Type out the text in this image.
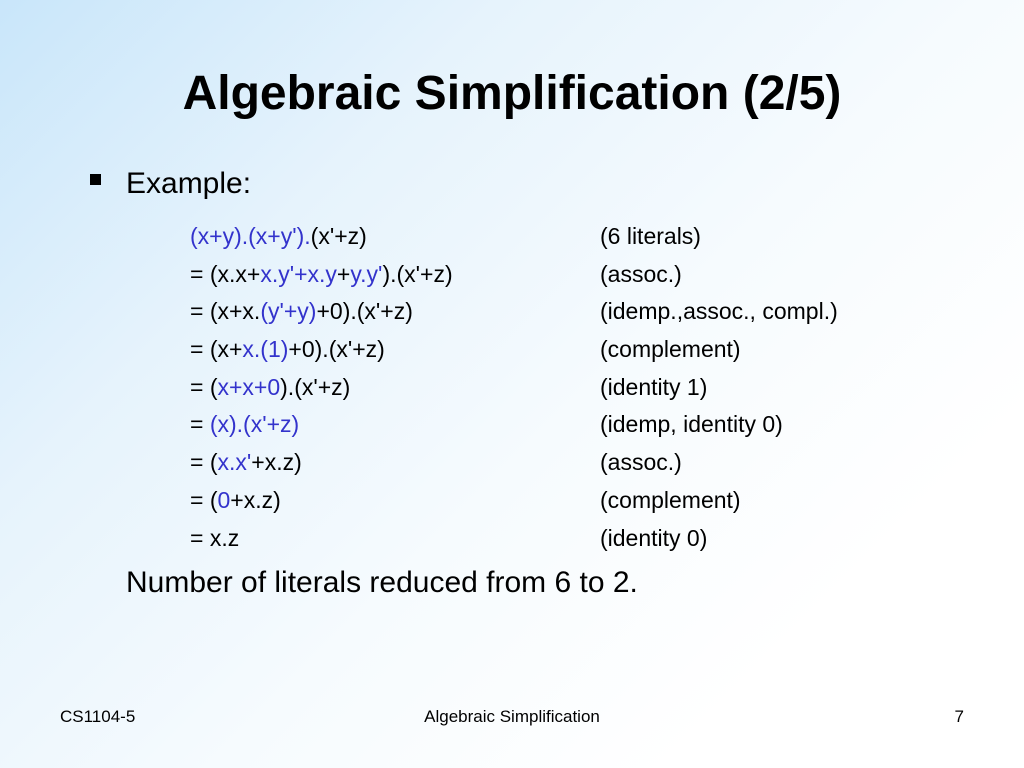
Algebraic Simplification (2/5)
Example:
(x+y).(x+y').(x'+z)	(6 literals)
= (x.x+x.y'+x.y+y.y').(x'+z)	(assoc.)
= (x+x.(y'+y)+0).(x'+z)	(idemp.,assoc., compl.)
= (x+x.(1)+0).(x'+z)	(complement)
= (x+x+0).(x'+z)	(identity 1)
= (x).(x'+z)	(idemp, identity 0)
= (x.x'+x.z)	(assoc.)
= (0+x.z)	(complement)
= x.z	(identity 0)
Number of literals reduced from 6 to 2.
CS1104-5	Algebraic Simplification	7
